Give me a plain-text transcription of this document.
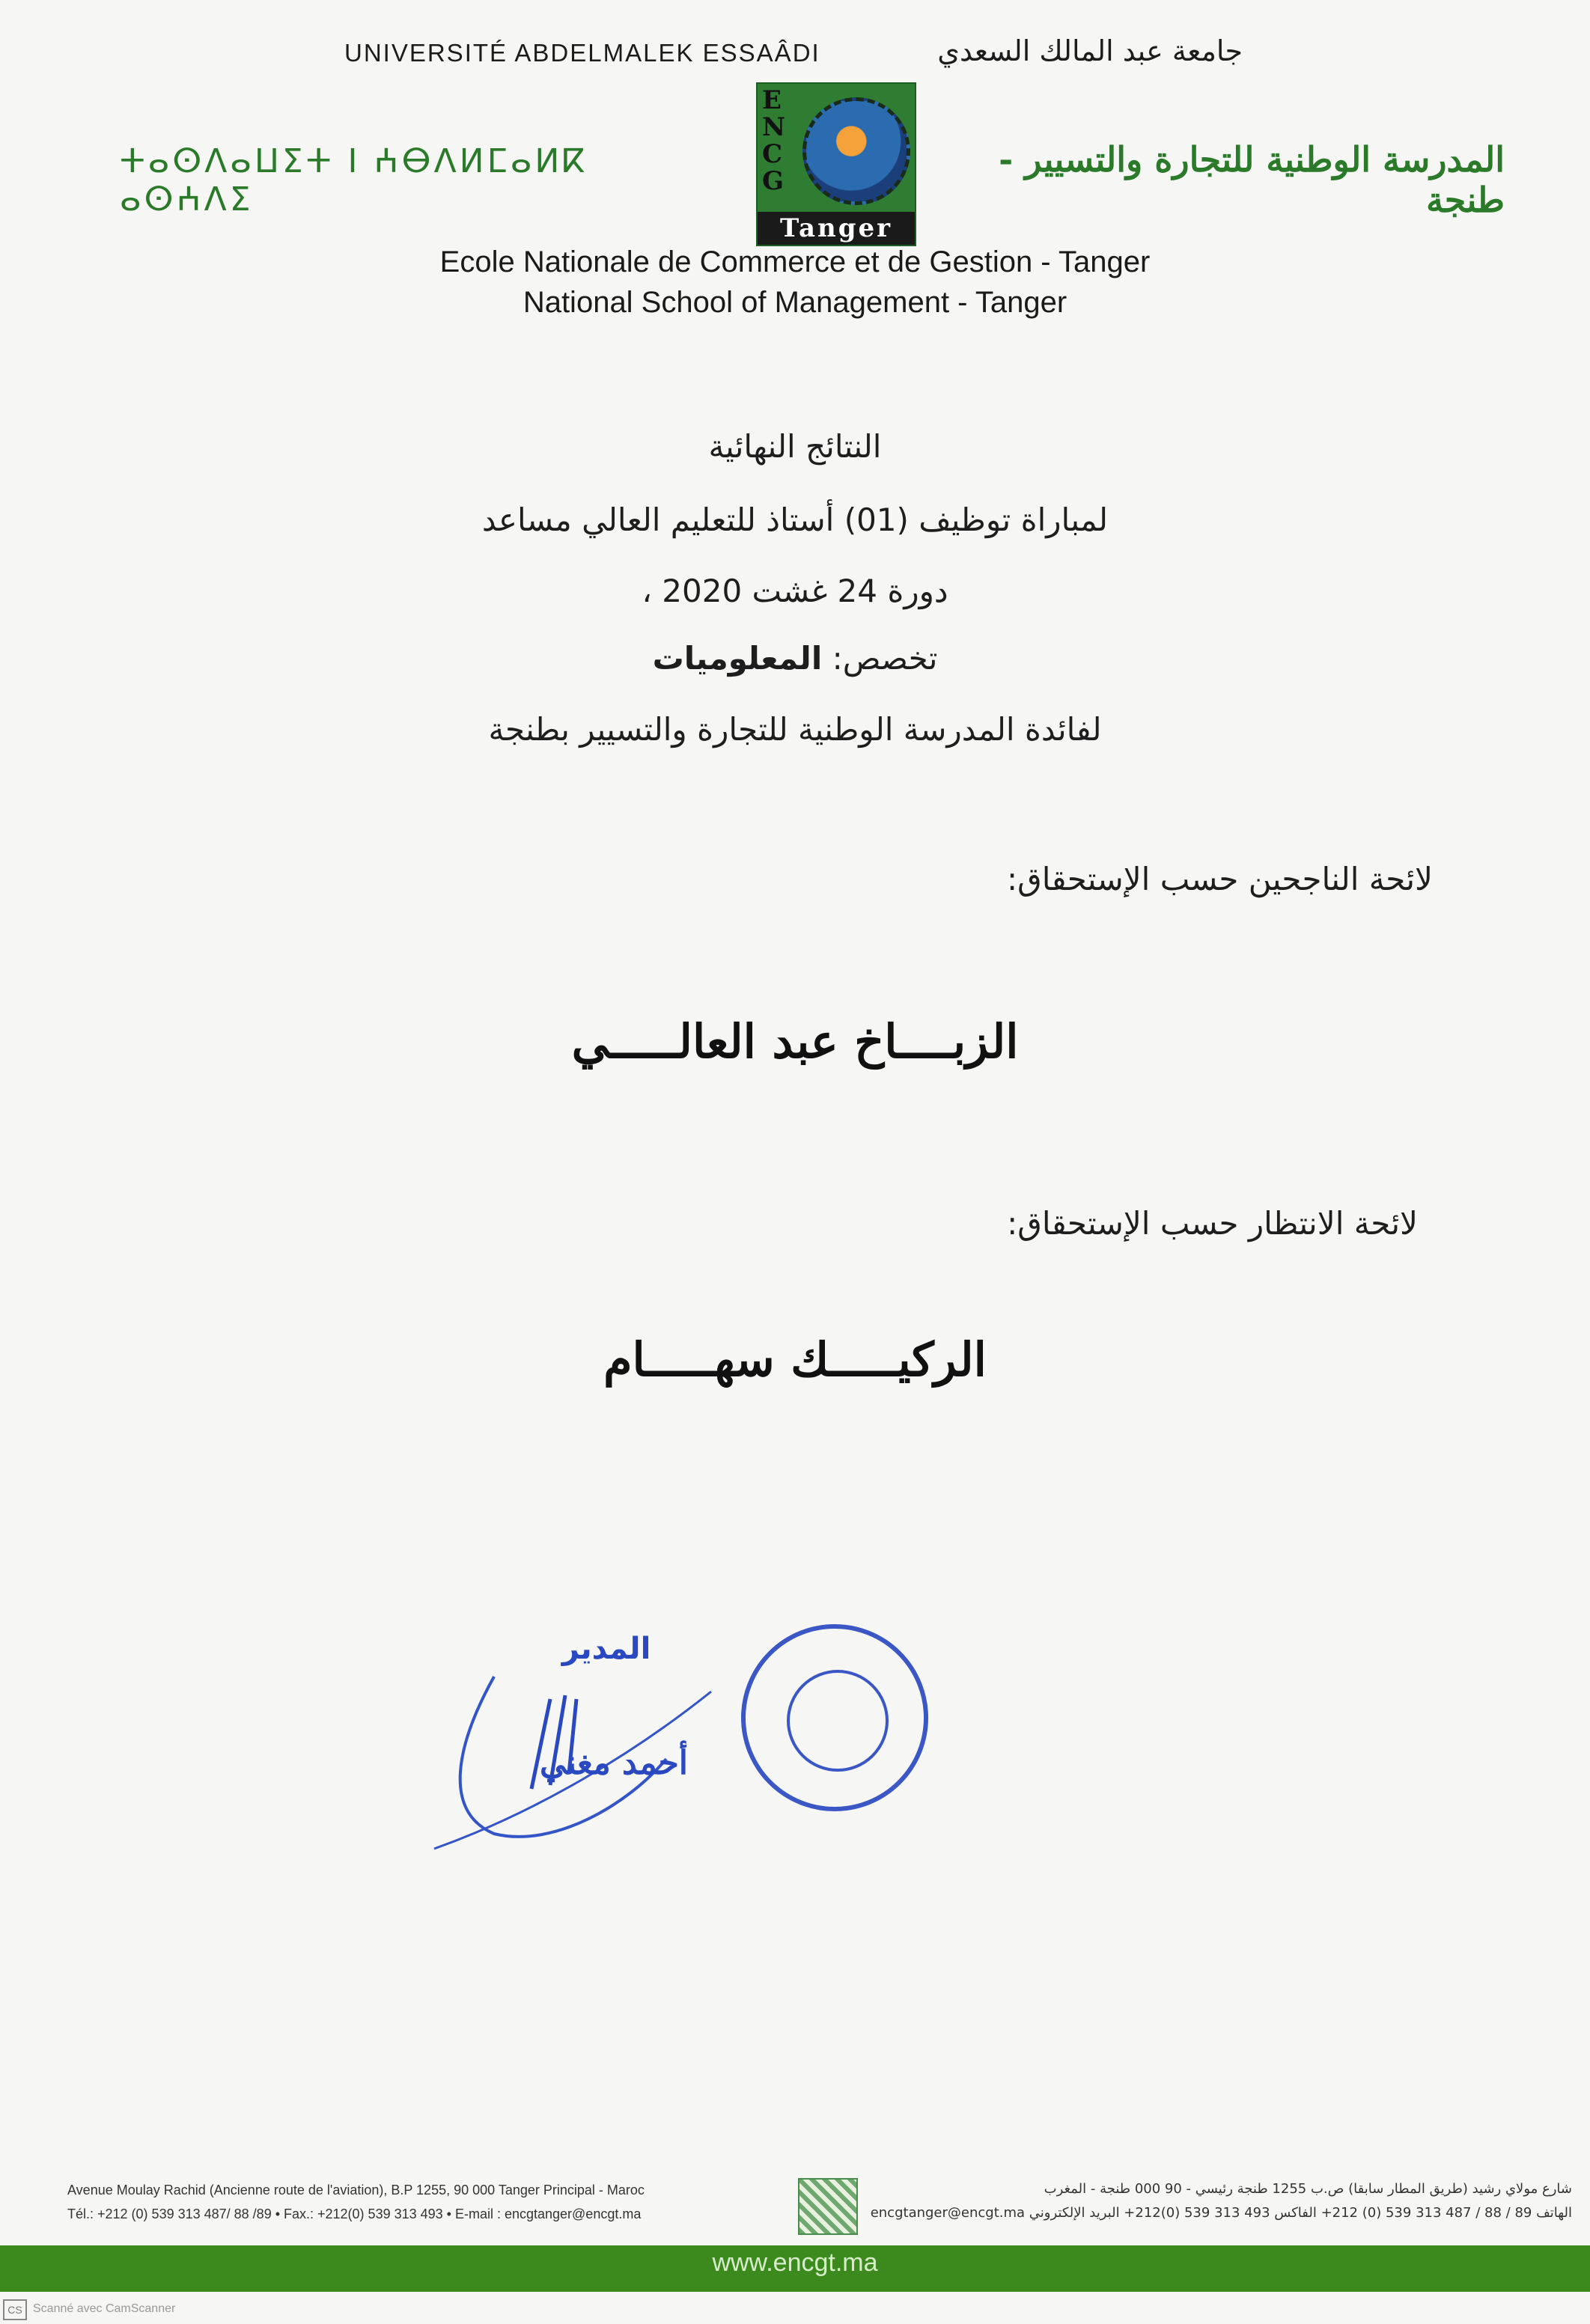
UNIVERSITÉ ABDELMALEK ESSAÂDI	جامعة عبد المالك السعدي
ⵜⴰⵙⴷⴰⵡⵉⵜ ⵏ ⵄⴱⴷⵍⵎⴰⵍⴽ ⴰⵙⵄⴷⵉ
المدرسة الوطنية للتجارة والتسيير - طنجة
E
N
C
G
Tanger
Ecole Nationale de Commerce et de Gestion - Tanger
National School of Management - Tanger
النتائج النهائية
لمباراة توظيف (01) أستاذ للتعليم العالي مساعد
دورة 24 غشت 2020 ،
تخصص: المعلوميات
لفائدة المدرسة الوطنية للتجارة والتسيير بطنجة
لائحة الناجحين حسب الإستحقاق:
الزبــــاخ عبد العالـــــي
لائحة الانتظار حسب الإستحقاق:
الركيـــــك سهـــــام
المدير
أحمد مغني
Avenue Moulay Rachid (Ancienne route de l'aviation), B.P 1255, 90 000 Tanger Principal - Maroc
Tél.: +212 (0) 539 313 487/ 88 /89 • Fax.: +212(0) 539 313 493 • E-mail : encgtanger@encgt.ma
شارع مولاي رشيد (طريق المطار سابقا) ص.ب 1255 طنجة رئيسي - 90 000 طنجة - المغرب
الهاتف 89 / 88 / 487 313 539 (0) 212+ الفاكس 493 313 539 (0)212+ البريد الإلكتروني encgtanger@encgt.ma
www.encgt.ma
CS Scanné avec CamScanner
